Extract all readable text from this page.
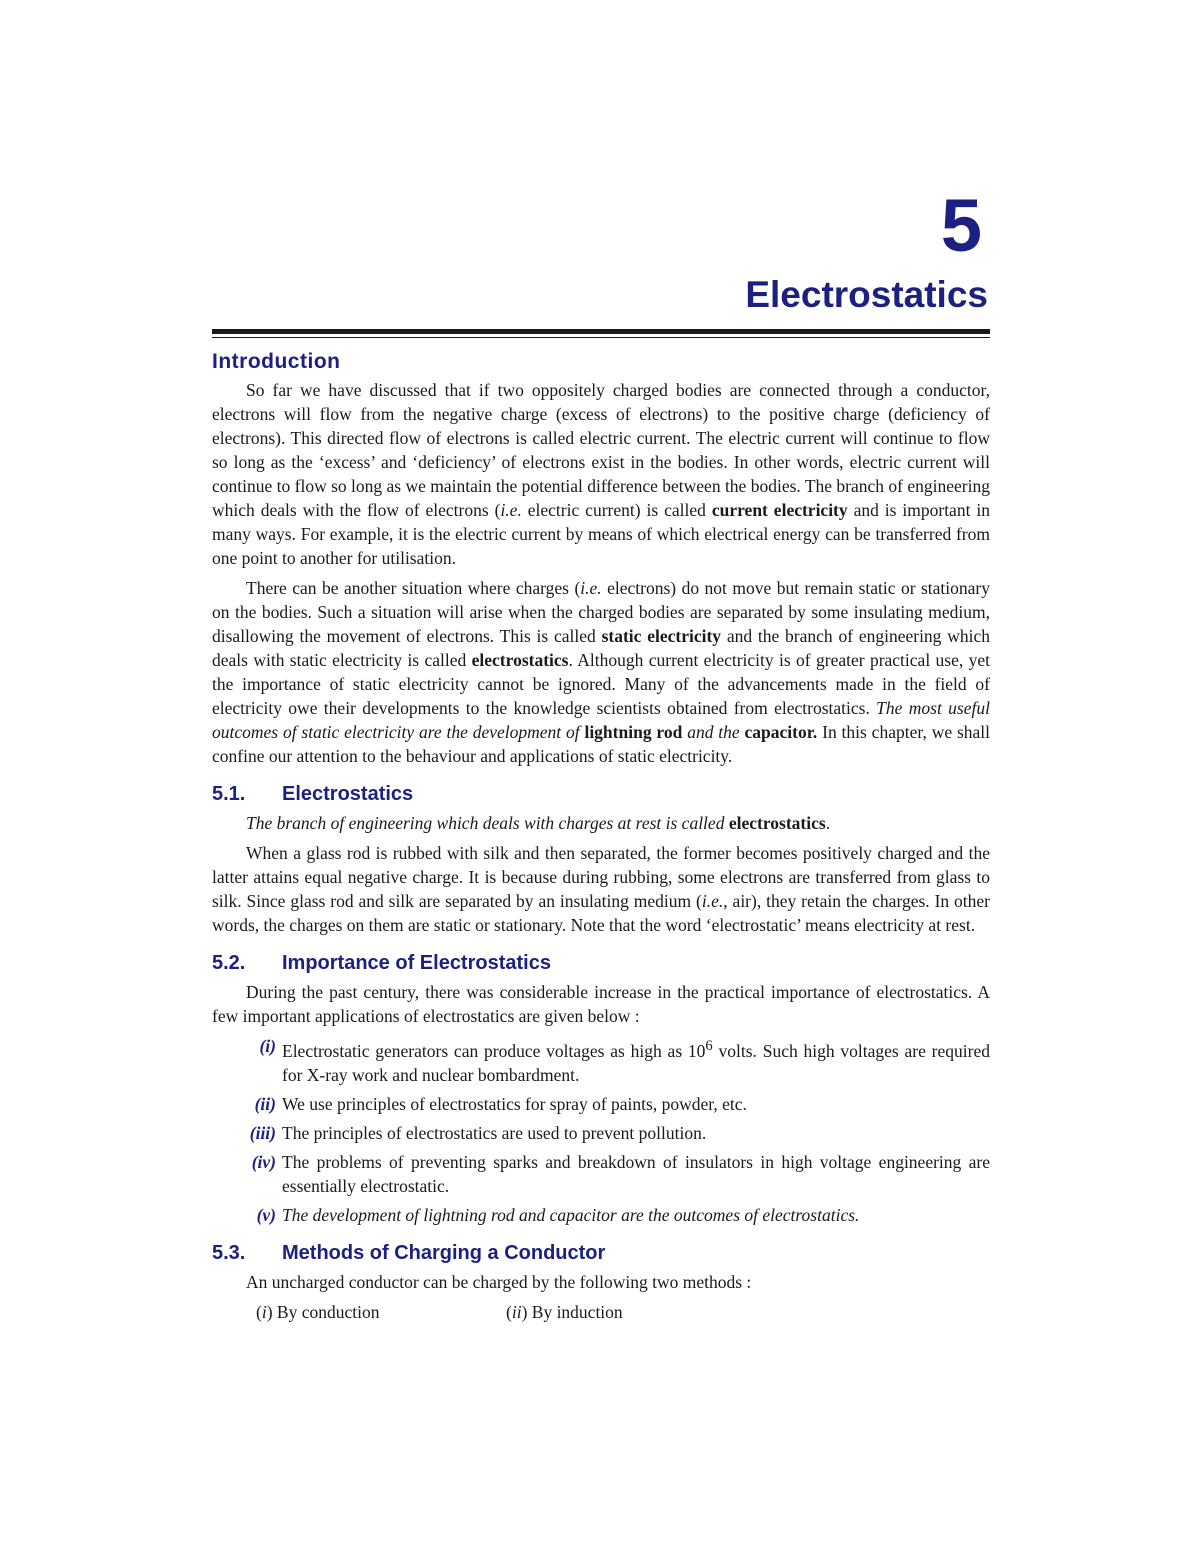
5
Electrostatics
Introduction

So far we have discussed that if two oppositely charged bodies are connected through a conductor, electrons will flow from the negative charge (excess of electrons) to the positive charge (deficiency of electrons). This directed flow of electrons is called electric current. The electric current will continue to flow so long as the ‘excess’ and ‘deficiency’ of electrons exist in the bodies. In other words, electric current will continue to flow so long as we maintain the potential difference between the bodies. The branch of engineering which deals with the flow of electrons (i.e. electric current) is called current electricity and is important in many ways. For example, it is the electric current by means of which electrical energy can be transferred from one point to another for utilisation.

There can be another situation where charges (i.e. electrons) do not move but remain static or stationary on the bodies. Such a situation will arise when the charged bodies are separated by some insulating medium, disallowing the movement of electrons. This is called static electricity and the branch of engineering which deals with static electricity is called electrostatics. Although current electricity is of greater practical use, yet the importance of static electricity cannot be ignored. Many of the advancements made in the field of electricity owe their developments to the knowledge scientists obtained from electrostatics. The most useful outcomes of static electricity are the development of lightning rod and the capacitor. In this chapter, we shall confine our attention to the behaviour and applications of static electricity.

5.1.	Electrostatics

The branch of engineering which deals with charges at rest is called electrostatics.

When a glass rod is rubbed with silk and then separated, the former becomes positively charged and the latter attains equal negative charge. It is because during rubbing, some electrons are transferred from glass to silk. Since glass rod and silk are separated by an insulating medium (i.e., air), they retain the charges. In other words, the charges on them are static or stationary. Note that the word ‘electrostatic’ means electricity at rest.

5.2.	Importance of Electrostatics

During the past century, there was considerable increase in the practical importance of electrostatics. A few important applications of electrostatics are given below :

(i) Electrostatic generators can produce voltages as high as $10^6$ volts. Such high voltages are required for X-ray work and nuclear bombardment.
(ii) We use principles of electrostatics for spray of paints, powder, etc.
(iii) The principles of electrostatics are used to prevent pollution.
(iv) The problems of preventing sparks and breakdown of insulators in high voltage engineering are essentially electrostatic.
(v) The development of lightning rod and capacitor are the outcomes of electrostatics.
5.3.	Methods of Charging a Conductor

An uncharged conductor can be charged by the following two methods :

(i) By conduction	(ii) By induction
